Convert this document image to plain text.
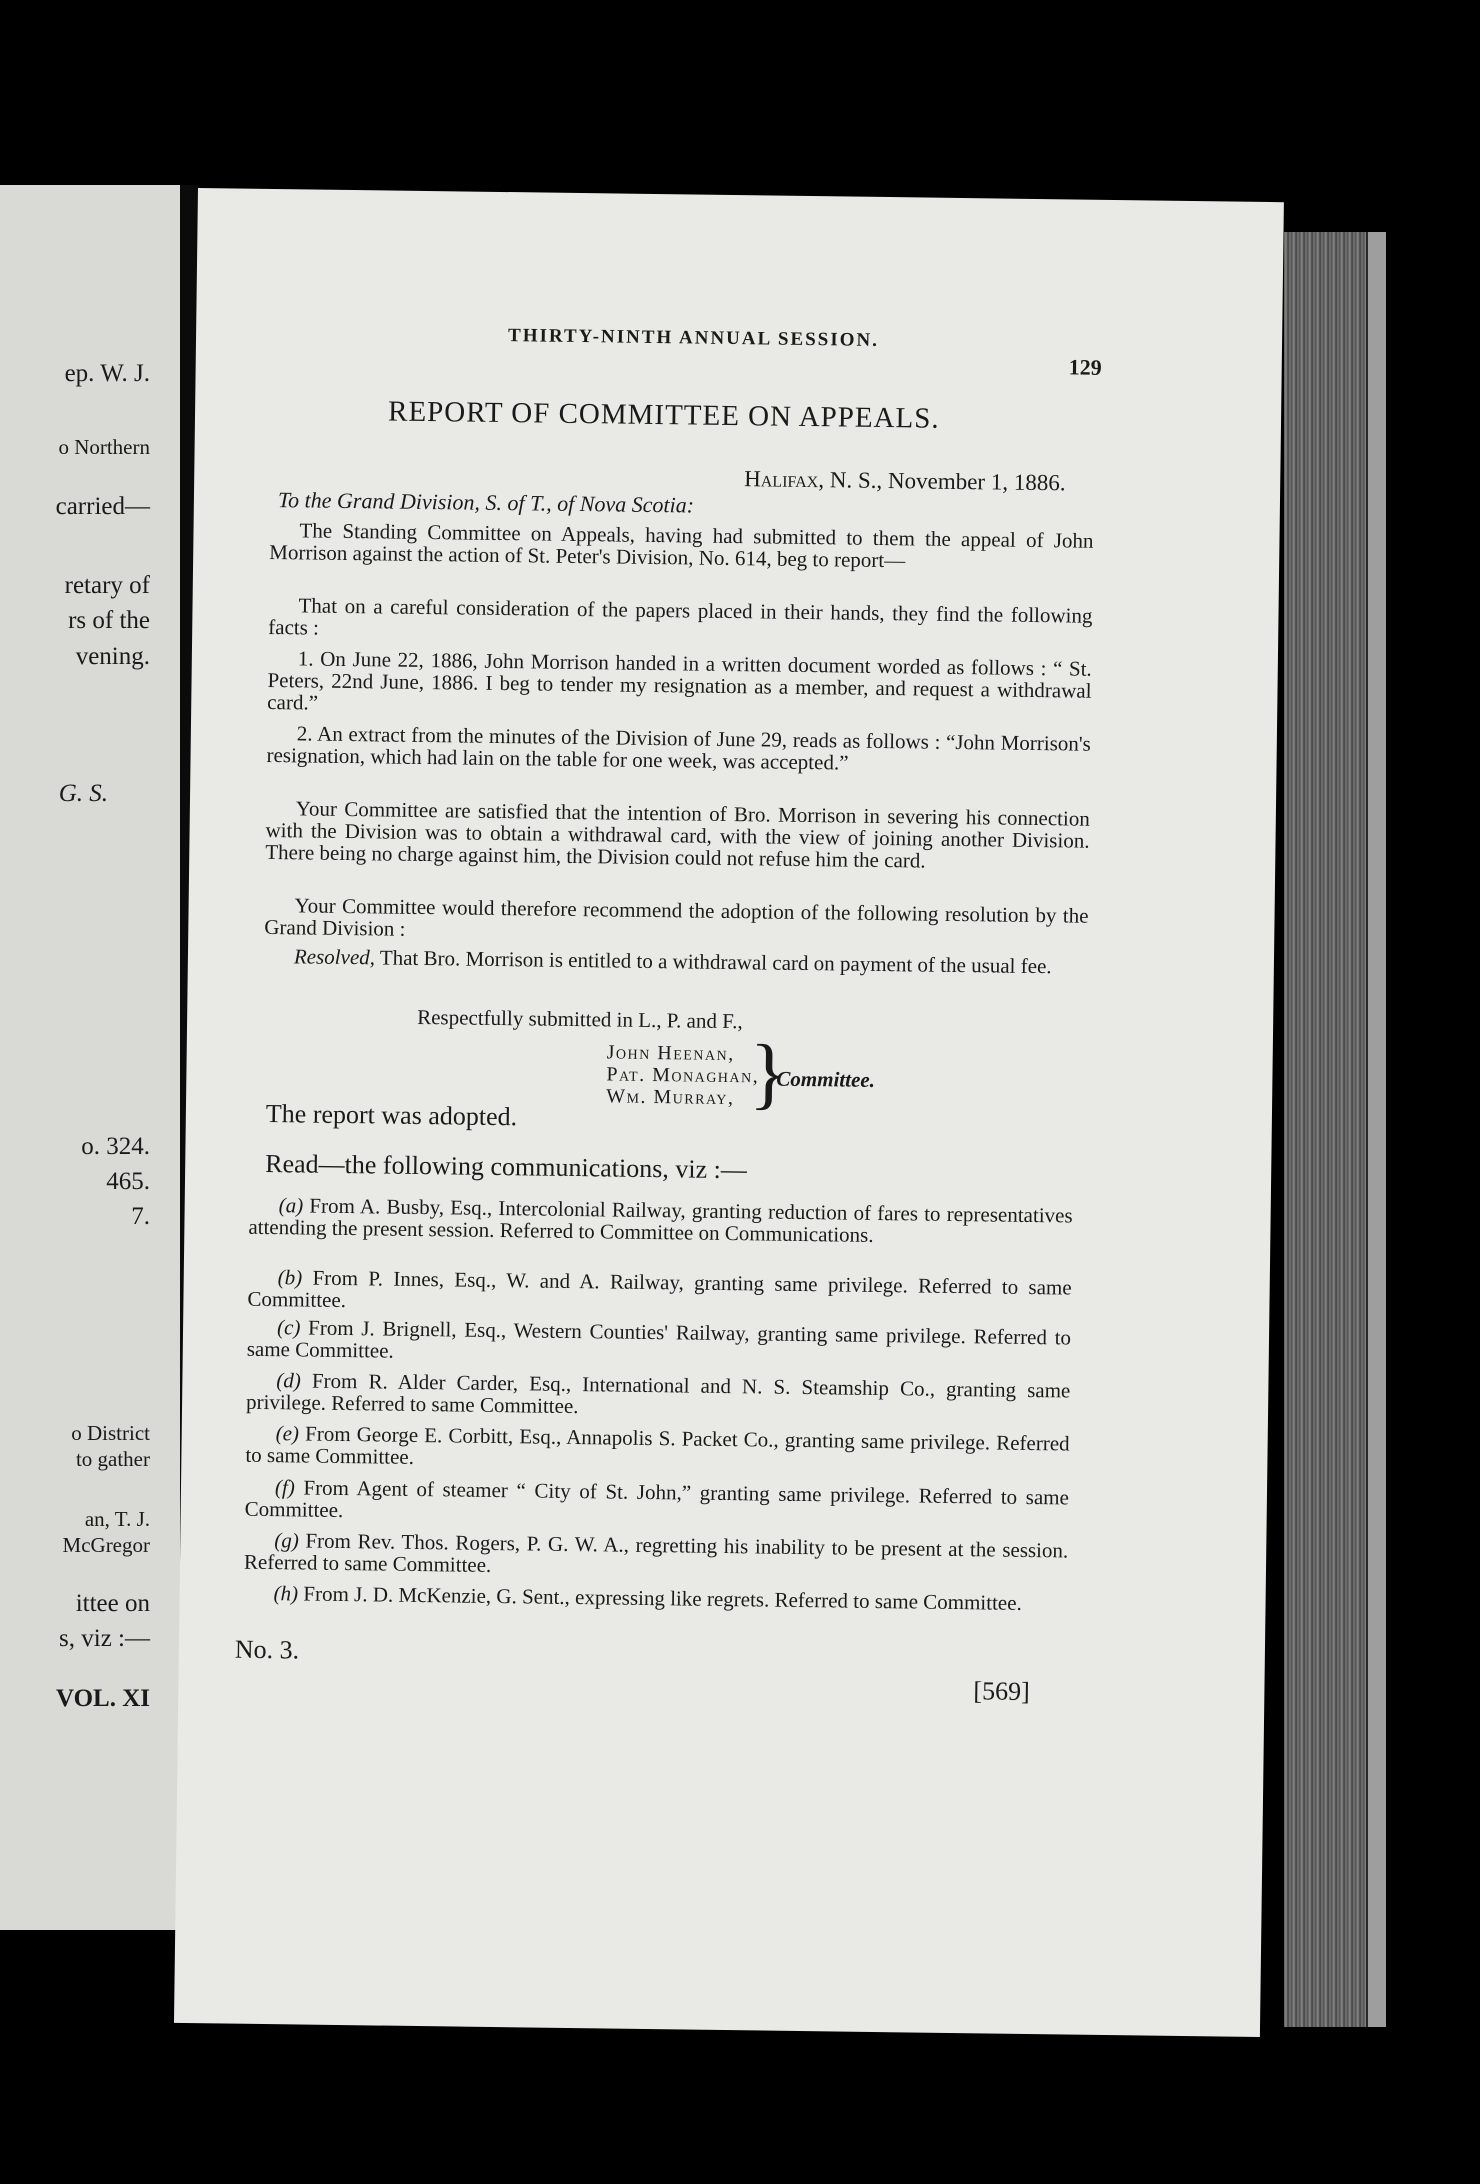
ep. W. J.
o Northern
carried—
retary of
rs of the
vening.
G. S.
o. 324.
465.
7.
o District
to gather
an, T. J.
McGregor
ittee on
s, viz :—
VOL. XI
THIRTY-NINTH ANNUAL SESSION.
129
REPORT OF COMMITTEE ON APPEALS.
Halifax, N. S., November 1, 1886.
To the Grand Division, S. of T., of Nova Scotia:
The Standing Committee on Appeals, having had submitted to them the appeal of John Morrison against the action of St. Peter's Division, No. 614, beg to report—
That on a careful consideration of the papers placed in their hands, they find the following facts :
1. On June 22, 1886, John Morrison handed in a written document worded as follows : “ St. Peters, 22nd June, 1886. I beg to tender my resignation as a member, and request a withdrawal card.”
2. An extract from the minutes of the Division of June 29, reads as follows : “John Morrison's resignation, which had lain on the table for one week, was accepted.”
Your Committee are satisfied that the intention of Bro. Morrison in severing his connection with the Division was to obtain a withdrawal card, with the view of joining another Division. There being no charge against him, the Division could not refuse him the card.
Your Committee would therefore recommend the adoption of the following resolution by the Grand Division :
Resolved, That Bro. Morrison is entitled to a withdrawal card on payment of the usual fee.
Respectfully submitted in L., P. and F.,
John Heenan,
Pat. Monaghan,
Wm. Murray, }
Committee.
The report was adopted.
Read—the following communications, viz :—
(a) From A. Busby, Esq., Intercolonial Railway, granting reduction of fares to representatives attending the present session. Referred to Committee on Communications.
(b) From P. Innes, Esq., W. and A. Railway, granting same privilege. Referred to same Committee.
(c) From J. Brignell, Esq., Western Counties' Railway, granting same privilege. Referred to same Committee.
(d) From R. Alder Carder, Esq., International and N. S. Steamship Co., granting same privilege. Referred to same Committee.
(e) From George E. Corbitt, Esq., Annapolis S. Packet Co., granting same privilege. Referred to same Committee.
(f) From Agent of steamer “ City of St. John,” granting same privilege. Referred to same Committee.
(g) From Rev. Thos. Rogers, P. G. W. A., regretting his inability to be present at the session. Referred to same Committee.
(h) From J. D. McKenzie, G. Sent., expressing like regrets. Referred to same Committee.
No. 3.
[569]
